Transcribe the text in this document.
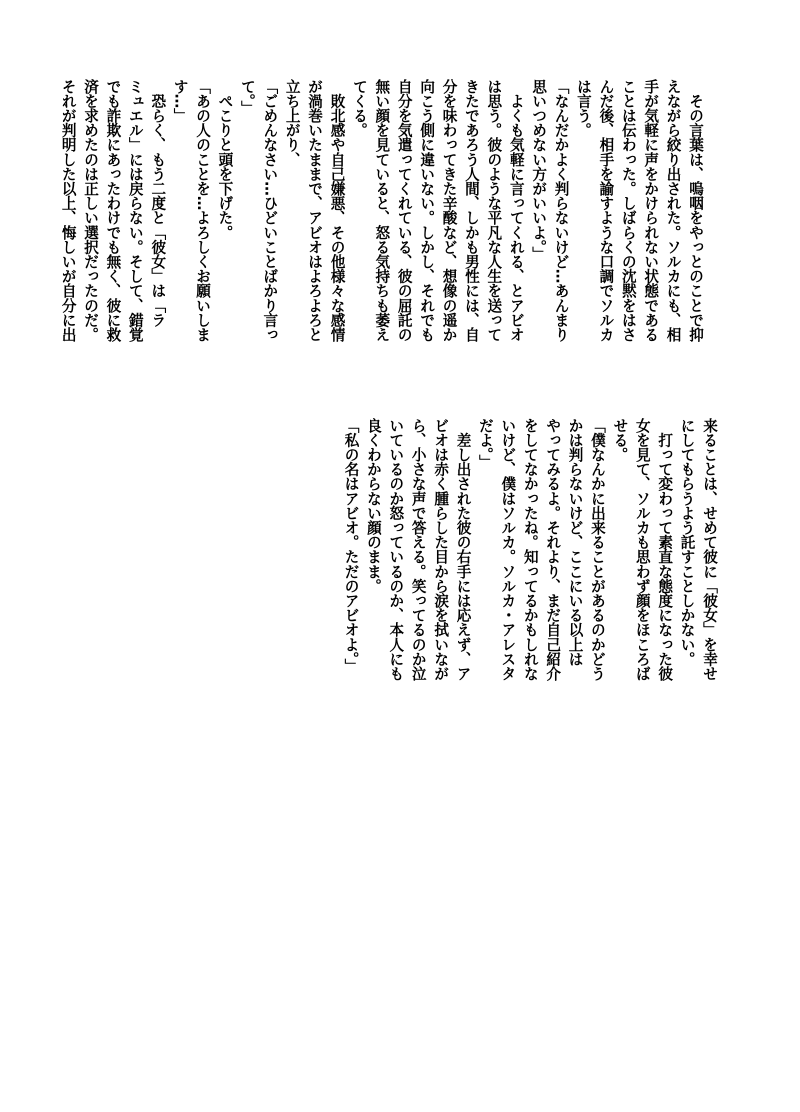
　その言葉は、嗚咽をやっとのことで抑
えながら絞り出された。ソルカにも、相
手が気軽に声をかけられない状態である
ことは伝わった。しばらくの沈黙をはさ
んだ後、相手を諭すような口調でソルカ
は言う。
「なんだかよく判らないけど…あんまり
思いつめない方がいいよ。」
　よくも気軽に言ってくれる、とアビオ
は思う。彼のような平凡な人生を送って
きたであろう人間、しかも男性には、自
分を味わってきた辛酸など、想像の遥か
向こう側に違いない。しかし、それでも
自分を気遣ってくれている、彼の屈託の
無い顔を見ていると、怒る気持ちも萎え
てくる。
　敗北感や自己嫌悪、その他様々な感情
が渦巻いたままで、アビオはよろよろと
立ち上がり、
「ごめんなさい…ひどいことばかり言っ
て。」
　ぺこりと頭を下げた。
「あの人のことを…よろしくお願いしま
す…」
　恐らく、もう二度と「彼女」は「ラ
ミュエル」には戻らない。そして、錯覚
でも詐欺にあったわけでも無く、彼に救
済を求めたのは正しい選択だったのだ。
それが判明した以上、悔しいが自分に出
来ることは、せめて彼に「彼女」を幸せ
にしてもらうよう託すことしかない。
　打って変わって素直な態度になった彼
女を見て、ソルカも思わず顔をほころば
せる。
「僕なんかに出来ることがあるのかどう
かは判らないけど、ここにいる以上は
やってみるよ。それより、まだ自己紹介
をしてなかったね。知ってるかもしれな
いけど、僕はソルカ。ソルカ・アレスタ
だよ。」
　差し出された彼の右手には応えず、ア
ビオは赤く腫らした目から涙を拭いなが
ら、小さな声で答える。笑ってるのか泣
いているのか怒っているのか、本人にも
良くわからない顔のまま。
「私の名はアビオ。ただのアビオよ。」
